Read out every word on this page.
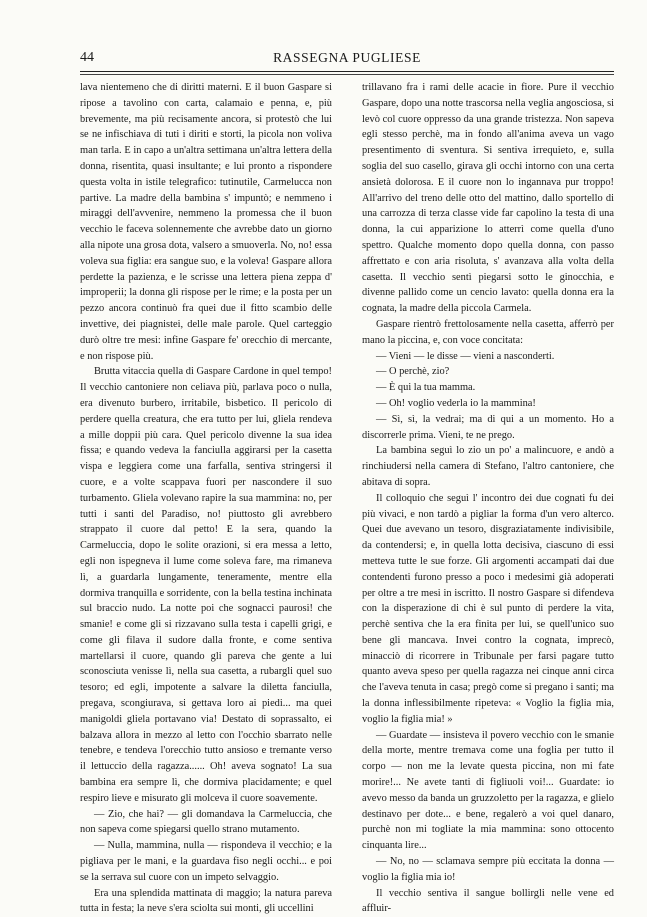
44	RASSEGNA PUGLIESE

lava nientemeno che di diritti materni. E il buon Gaspare si ripose a tavolino con carta, calamaio e penna, e, più brevemente, ma più recisamente ancora, si protestò che lui se ne infischiava di tuti i diriti e storti, la picola non voliva man tarla. E in capo a un'altra settimana un'altra lettera della donna, risentita, quasi insultante; e lui pronto a rispondere questa volta in istile telegrafico: tutinutile, Carmelucca non partive. La madre della bambina s' impuntò; e nemmeno i miraggi dell'avvenire, nemmeno la promessa che il buon vecchio le faceva solennemente che avrebbe dato un giorno alla nipote una grosa dota, valsero a smuoverla. No, no! essa voleva sua figlia: era sangue suo, e la voleva! Gaspare allora perdette la pazienza, e le scrisse una lettera piena zeppa d' improperii; la donna gli rispose per le rime; e la posta per un pezzo ancora continuò fra quei due il fitto scambio delle invettive, dei piagnistei, delle male parole. Quel carteggio durò oltre tre mesi: infine Gaspare fe' orecchio di mercante, e non rispose più.

Brutta vitaccia quella di Gaspare Cardone in quel tempo! Il vecchio cantoniere non celiava più, parlava poco o nulla, era divenuto burbero, irritabile, bisbetico. Il pericolo di perdere quella creatura, che era tutto per lui, gliela rendeva a mille doppii più cara. Quel pericolo divenne la sua idea fissa; e quando vedeva la fanciulla aggirarsi per la casetta vispa e leggiera come una farfalla, sentiva stringersi il cuore, e a volte scappava fuori per nascondere il suo turbamento. Gliela volevano rapire la sua mammina: no, per tutti i santi del Paradiso, no! piuttosto gli avrebbero strappato il cuore dal petto! E la sera, quando la Carmeluccia, dopo le solite orazioni, si era messa a letto, egli non ispegneva il lume come soleva fare, ma rimaneva lì, a guardarla lungamente, teneramente, mentre ella dormiva tranquilla e sorridente, con la bella testina inchinata sul braccio nudo. La notte poi che sognacci paurosi! che smanie! e come gli si rizzavano sulla testa i capelli grigi, e come gli filava il sudore dalla fronte, e come sentiva martellarsi il cuore, quando gli pareva che gente a lui sconosciuta venisse lì, nella sua casetta, a rubargli quel suo tesoro; ed egli, impotente a salvare la diletta fanciulla, pregava, scongiurava, si gettava loro ai piedi... ma quei manigoldi gliela portavano via! Destato di soprassalto, ei balzava allora in mezzo al letto con l'occhio sbarrato nelle tenebre, e tendeva l'orecchio tutto ansioso e tremante verso il lettuccio della ragazza...... Oh! aveva sognato! La sua bambina era sempre lì, che dormiva placidamente; e quel respiro lieve e misurato gli molceva il cuore soavemente.

— Zio, che hai? — gli domandava la Carmeluccia, che non sapeva come spiegarsi quello strano mutamento.

— Nulla, mammina, nulla — rispondeva il vecchio; e la pigliava per le mani, e la guardava fiso negli occhi... e poi se la serrava sul cuore con un impeto selvaggio.

Era una splendida mattinata di maggio; la natura pareva tutta in festa; la neve s'era sciolta sui monti, gli uccellini

trillavano fra i rami delle acacie in fiore. Pure il vecchio Gaspare, dopo una notte trascorsa nella veglia angosciosa, si levò col cuore oppresso da una grande tristezza. Non sapeva egli stesso perchè, ma in fondo all'anima aveva un vago presentimento di sventura. Si sentiva irrequieto, e, sulla soglia del suo casello, girava gli occhi intorno con una certa ansietà dolorosa. E il cuore non lo ingannava pur troppo! All'arrivo del treno delle otto del mattino, dallo sportello di una carrozza di terza classe vide far capolino la testa di una donna, la cui apparizione lo atterrì come quella d'uno spettro. Qualche momento dopo quella donna, con passo affrettato e con aria risoluta, s' avanzava alla volta della casetta. Il vecchio sentì piegarsi sotto le ginocchia, e divenne pallido come un cencio lavato: quella donna era la cognata, la madre della piccola Carmela.

Gaspare rientrò frettolosamente nella casetta, afferrò per mano la piccina, e, con voce concitata:

— Vieni — le disse — vieni a nasconderti.

— O perchè, zio?

— È qui la tua mamma.

— Oh! voglio vederla io la mammina!

— Sì, sì, la vedrai; ma di qui a un momento. Ho a discorrerle prima. Vieni, te ne prego.

La bambina seguì lo zio un po' a malincuore, e andò a rinchiudersi nella camera di Stefano, l'altro cantoniere, che abitava di sopra.

Il colloquio che seguì l' incontro dei due cognati fu dei più vivaci, e non tardò a pigliar la forma d'un vero alterco. Quei due avevano un tesoro, disgraziatamente indivisibile, da contendersi; e, in quella lotta decisiva, ciascuno di essi metteva tutte le sue forze. Gli argomenti accampati dai due contendenti furono presso a poco i medesimi già adoperati per oltre a tre mesi in iscritto. Il nostro Gaspare si difendeva con la disperazione di chi è sul punto di perdere la vita, perchè sentiva che la era finita per lui, se quell'unico suo bene gli mancava. Invei contro la cognata, imprecò, minacciò di ricorrere in Tribunale per farsi pagare tutto quanto aveva speso per quella ragazza nei cinque anni circa che l'aveva tenuta in casa; pregò come si pregano i santi; ma la donna inflessibilmente ripeteva: « Voglio la figlia mia, voglio la figlia mia! »

— Guardate — insisteva il povero vecchio con le smanie della morte, mentre tremava come una foglia per tutto il corpo — non me la levate questa piccina, non mi fate morire!... Ne avete tanti di figliuoli voi!... Guardate: io avevo messo da banda un gruzzoletto per la ragazza, e glielo destinavo per dote... e bene, regalerò a voi quel danaro, purchè non mi togliate la mia mammina: sono ottocento cinquanta lire...

— No, no — sclamava sempre più eccitata la donna — voglio la figlia mia io!

Il vecchio sentiva il sangue bollirgli nelle vene ed affluir-
